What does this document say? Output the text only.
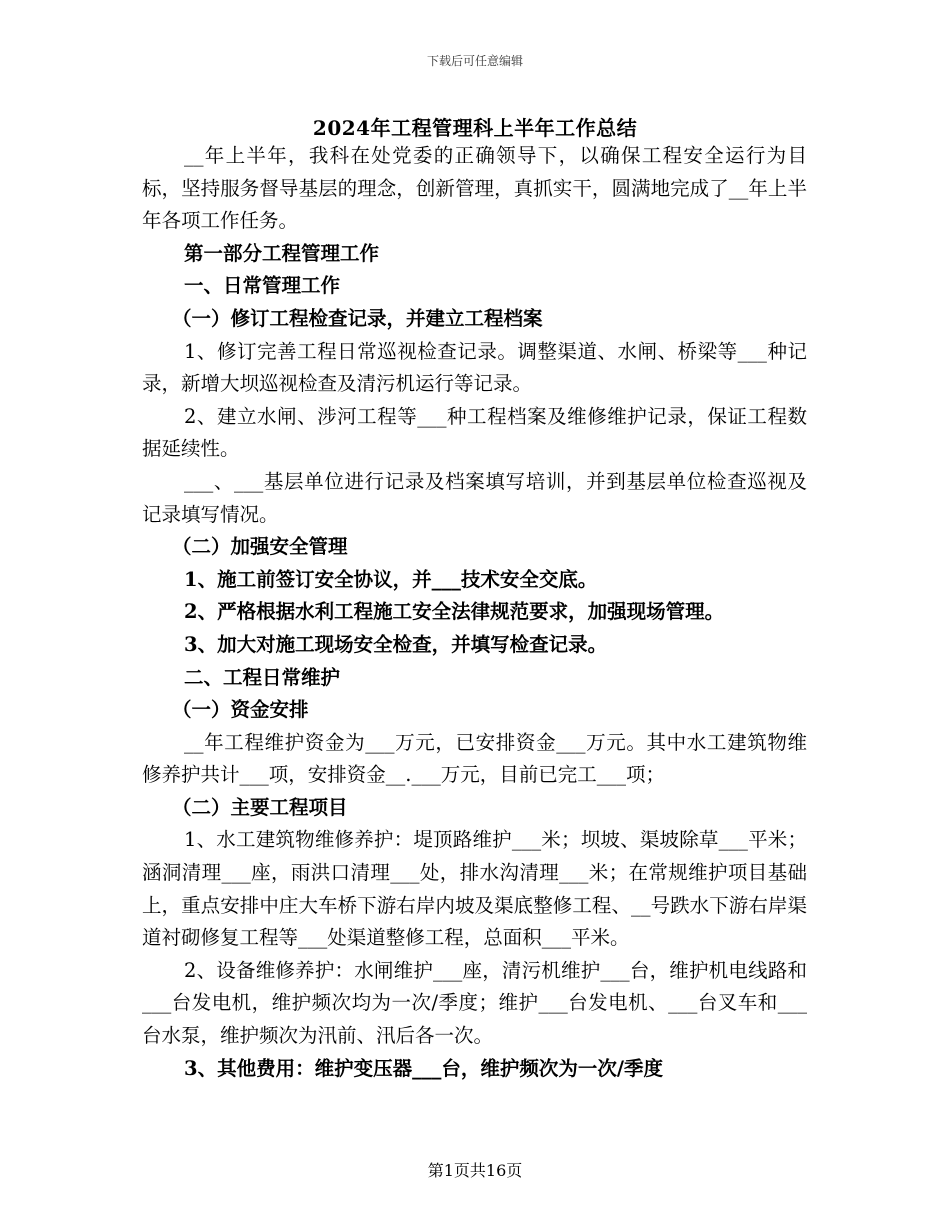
下载后可任意编辑
2024年工程管理科上半年工作总结

__年上半年，我科在处党委的正确领导下，以确保工程安全运行为目标，坚持服务督导基层的理念，创新管理，真抓实干，圆满地完成了__年上半年各项工作任务。

第一部分工程管理工作

一、日常管理工作

（一）修订工程检查记录，并建立工程档案

1、修订完善工程日常巡视检查记录。调整渠道、水闸、桥梁等___种记录，新增大坝巡视检查及清污机运行等记录。

2、建立水闸、涉河工程等___种工程档案及维修维护记录，保证工程数据延续性。

___、___基层单位进行记录及档案填写培训，并到基层单位检查巡视及记录填写情况。

（二）加强安全管理

1、施工前签订安全协议，并___技术安全交底。

2、严格根据水利工程施工安全法律规范要求，加强现场管理。

3、加大对施工现场安全检查，并填写检查记录。

二、工程日常维护

（一）资金安排

__年工程维护资金为___万元，已安排资金___万元。其中水工建筑物维修养护共计___项，安排资金__.___万元，目前已完工___项；

（二）主要工程项目

1、水工建筑物维修养护：堤顶路维护___米；坝坡、渠坡除草___平米；涵洞清理___座，雨洪口清理___处，排水沟清理___米；在常规维护项目基础上，重点安排中庄大车桥下游右岸内坡及渠底整修工程、__号跌水下游右岸渠道衬砌修复工程等___处渠道整修工程，总面积___平米。

2、设备维修养护：水闸维护___座，清污机维护___台，维护机电线路和___台发电机，维护频次均为一次/季度；维护___台发电机、___台叉车和___台水泵，维护频次为汛前、汛后各一次。

3、其他费用：维护变压器___台，维护频次为一次/季度

第1页共16页
